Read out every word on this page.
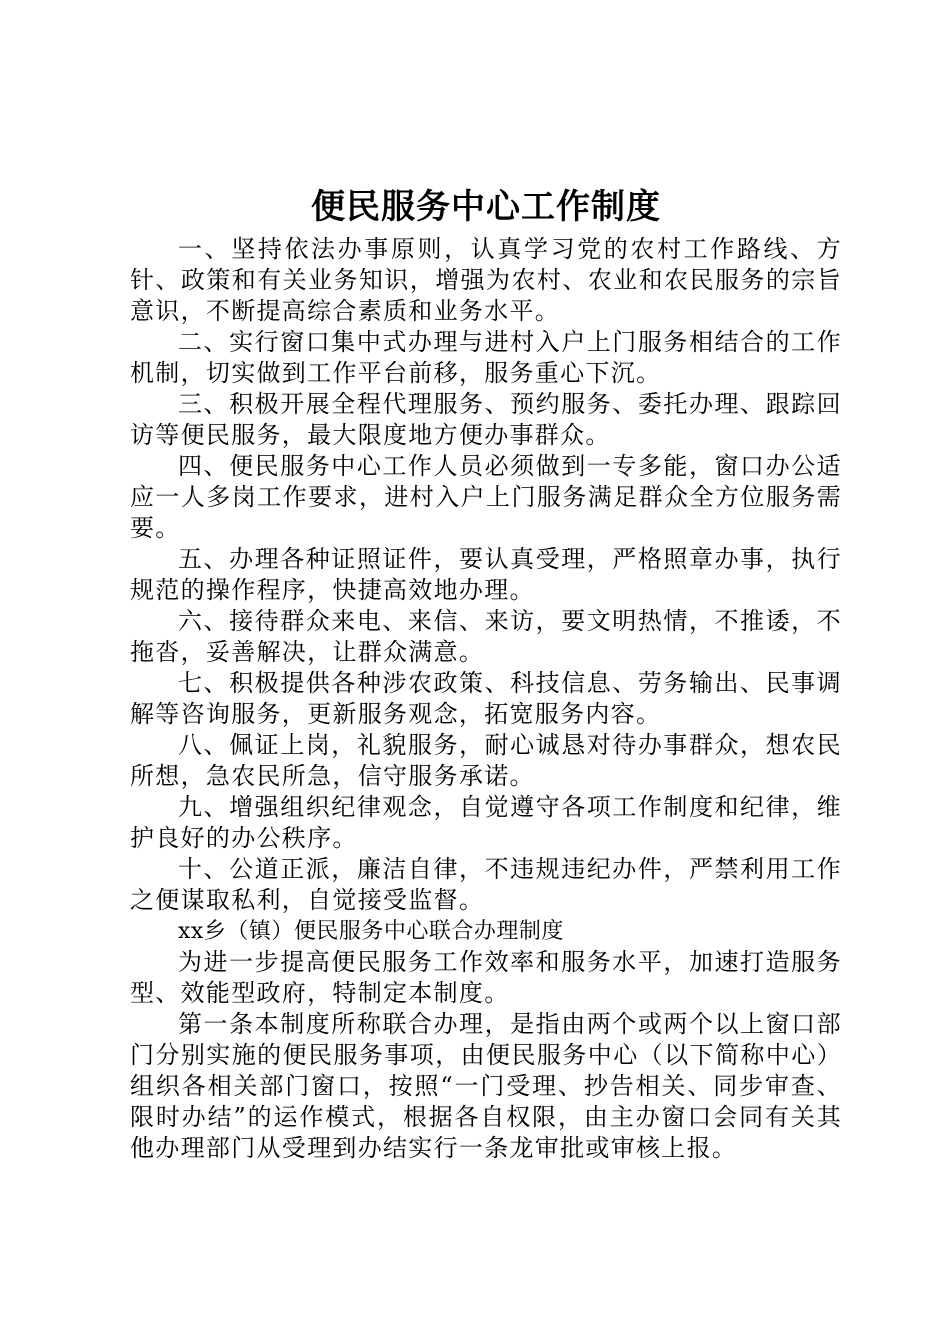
便民服务中心工作制度

一、坚持依法办事原则，认真学习党的农村工作路线、方针、政策和有关业务知识，增强为农村、农业和农民服务的宗旨意识，不断提高综合素质和业务水平。

二、实行窗口集中式办理与进村入户上门服务相结合的工作机制，切实做到工作平台前移，服务重心下沉。

三、积极开展全程代理服务、预约服务、委托办理、跟踪回访等便民服务，最大限度地方便办事群众。

四、便民服务中心工作人员必须做到一专多能，窗口办公适应一人多岗工作要求，进村入户上门服务满足群众全方位服务需要。

五、办理各种证照证件，要认真受理，严格照章办事，执行规范的操作程序，快捷高效地办理。

六、接待群众来电、来信、来访，要文明热情，不推诿，不拖沓，妥善解决，让群众满意。

七、积极提供各种涉农政策、科技信息、劳务输出、民事调解等咨询服务，更新服务观念，拓宽服务内容。

八、佩证上岗，礼貌服务，耐心诚恳对待办事群众，想农民所想，急农民所急，信守服务承诺。

九、增强组织纪律观念，自觉遵守各项工作制度和纪律，维护良好的办公秩序。

十、公道正派，廉洁自律，不违规违纪办件，严禁利用工作之便谋取私利，自觉接受监督。

xx乡（镇）便民服务中心联合办理制度

为进一步提高便民服务工作效率和服务水平，加速打造服务型、效能型政府，特制定本制度。

第一条本制度所称联合办理，是指由两个或两个以上窗口部门分别实施的便民服务事项，由便民服务中心（以下简称中心）组织各相关部门窗口，按照“一门受理、抄告相关、同步审查、限时办结”的运作模式，根据各自权限，由主办窗口会同有关其他办理部门从受理到办结实行一条龙审批或审核上报。
